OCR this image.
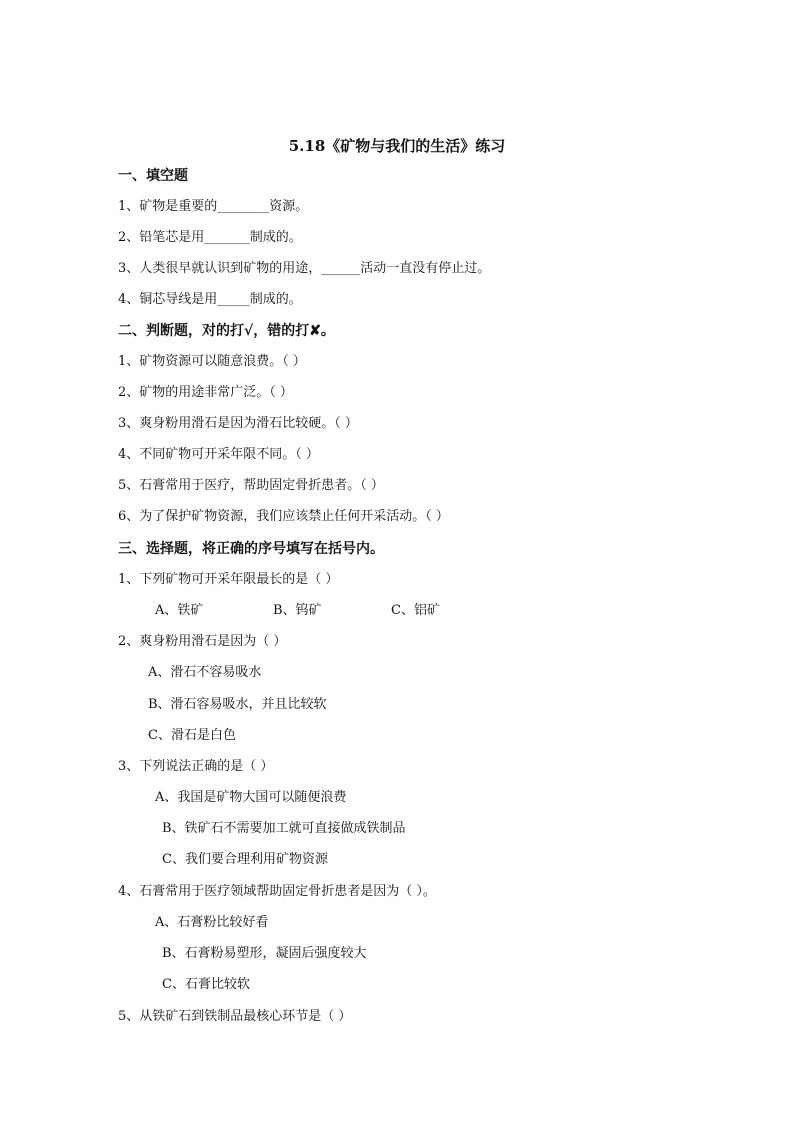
5.18《矿物与我们的生活》练习
一、填空题
1、矿物是重要的________资源。
2、铅笔芯是用_______制成的。
3、人类很早就认识到矿物的用途，______活动一直没有停止过。
4、铜芯导线是用_____制成的。
二、判断题，对的打√，错的打✘。
1、矿物资源可以随意浪费。（ ）
2、矿物的用途非常广泛。（ ）
3、爽身粉用滑石是因为滑石比较硬。（ ）
4、不同矿物可开采年限不同。（ ）
5、石膏常用于医疗，帮助固定骨折患者。（ ）
6、为了保护矿物资源，我们应该禁止任何开采活动。（ ）
三、选择题，将正确的序号填写在括号内。
1、下列矿物可开采年限最长的是（ ）
A、铁矿	B、钨矿	C、铝矿
2、爽身粉用滑石是因为（ ）
A、滑石不容易吸水
B、滑石容易吸水，并且比较软
C、滑石是白色
3、下列说法正确的是（ ）
A、我国是矿物大国可以随便浪费
B、铁矿石不需要加工就可直接做成铁制品
C、我们要合理利用矿物资源
4、石膏常用于医疗领域帮助固定骨折患者是因为（ ）。
A、石膏粉比较好看
B、石膏粉易塑形，凝固后强度较大
C、石膏比较软
5、从铁矿石到铁制品最核心环节是（ ）
